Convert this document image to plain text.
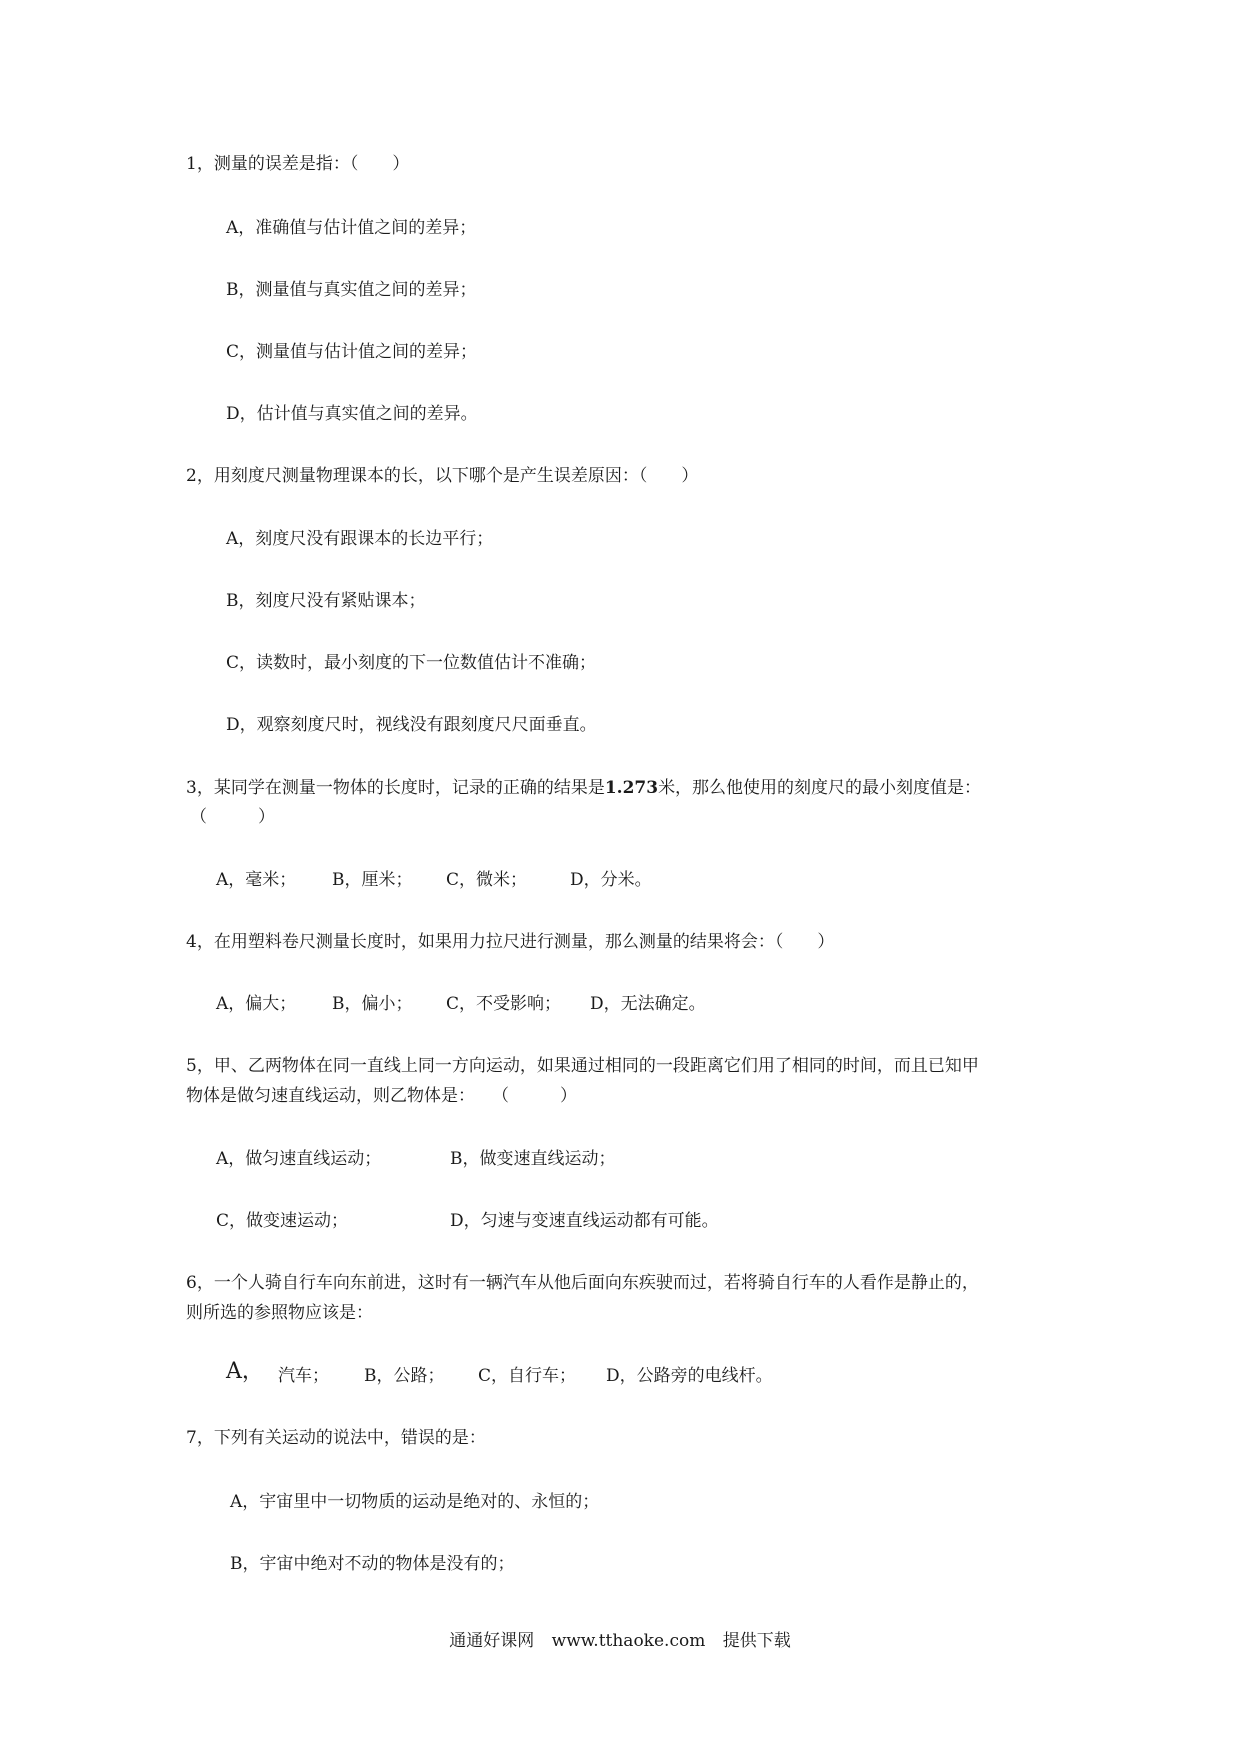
1，测量的误差是指：（　　）
A，准确值与估计值之间的差异；
B，测量值与真实值之间的差异；
C，测量值与估计值之间的差异；
D，估计值与真实值之间的差异。
2，用刻度尺测量物理课本的长，以下哪个是产生误差原因：（　　）
A，刻度尺没有跟课本的长边平行；
B，刻度尺没有紧贴课本；
C，读数时，最小刻度的下一位数值估计不准确；
D，观察刻度尺时，视线没有跟刻度尺尺面垂直。
3，某同学在测量一物体的长度时，记录的正确的结果是1.273米，那么他使用的刻度尺的最小刻度值是：
（　　　）
A，毫米； B，厘米； C，微米；	D，分米。
4，在用塑料卷尺测量长度时，如果用力拉尺进行测量，那么测量的结果将会：（　　）
A，偏大； B，偏小； C，不受影响； D，无法确定。
5，甲、乙两物体在同一直线上同一方向运动，如果通过相同的一段距离它们用了相同的时间，而且已知甲
物体是做匀速直线运动，则乙物体是：　　（　　　）
A，做匀速直线运动；	B，做变速直线运动；
C，做变速运动；	D，匀速与变速直线运动都有可能。
6，一个人骑自行车向东前进，这时有一辆汽车从他后面向东疾驶而过，若将骑自行车的人看作是静止的，
则所选的参照物应该是：
A， 汽车； B，公路； C，自行车； D，公路旁的电线杆。
7，下列有关运动的说法中，错误的是：
A，宇宙里中一切物质的运动是绝对的、永恒的；
B，宇宙中绝对不动的物体是没有的；
通通好课网 www.tthaoke.com 提供下载
